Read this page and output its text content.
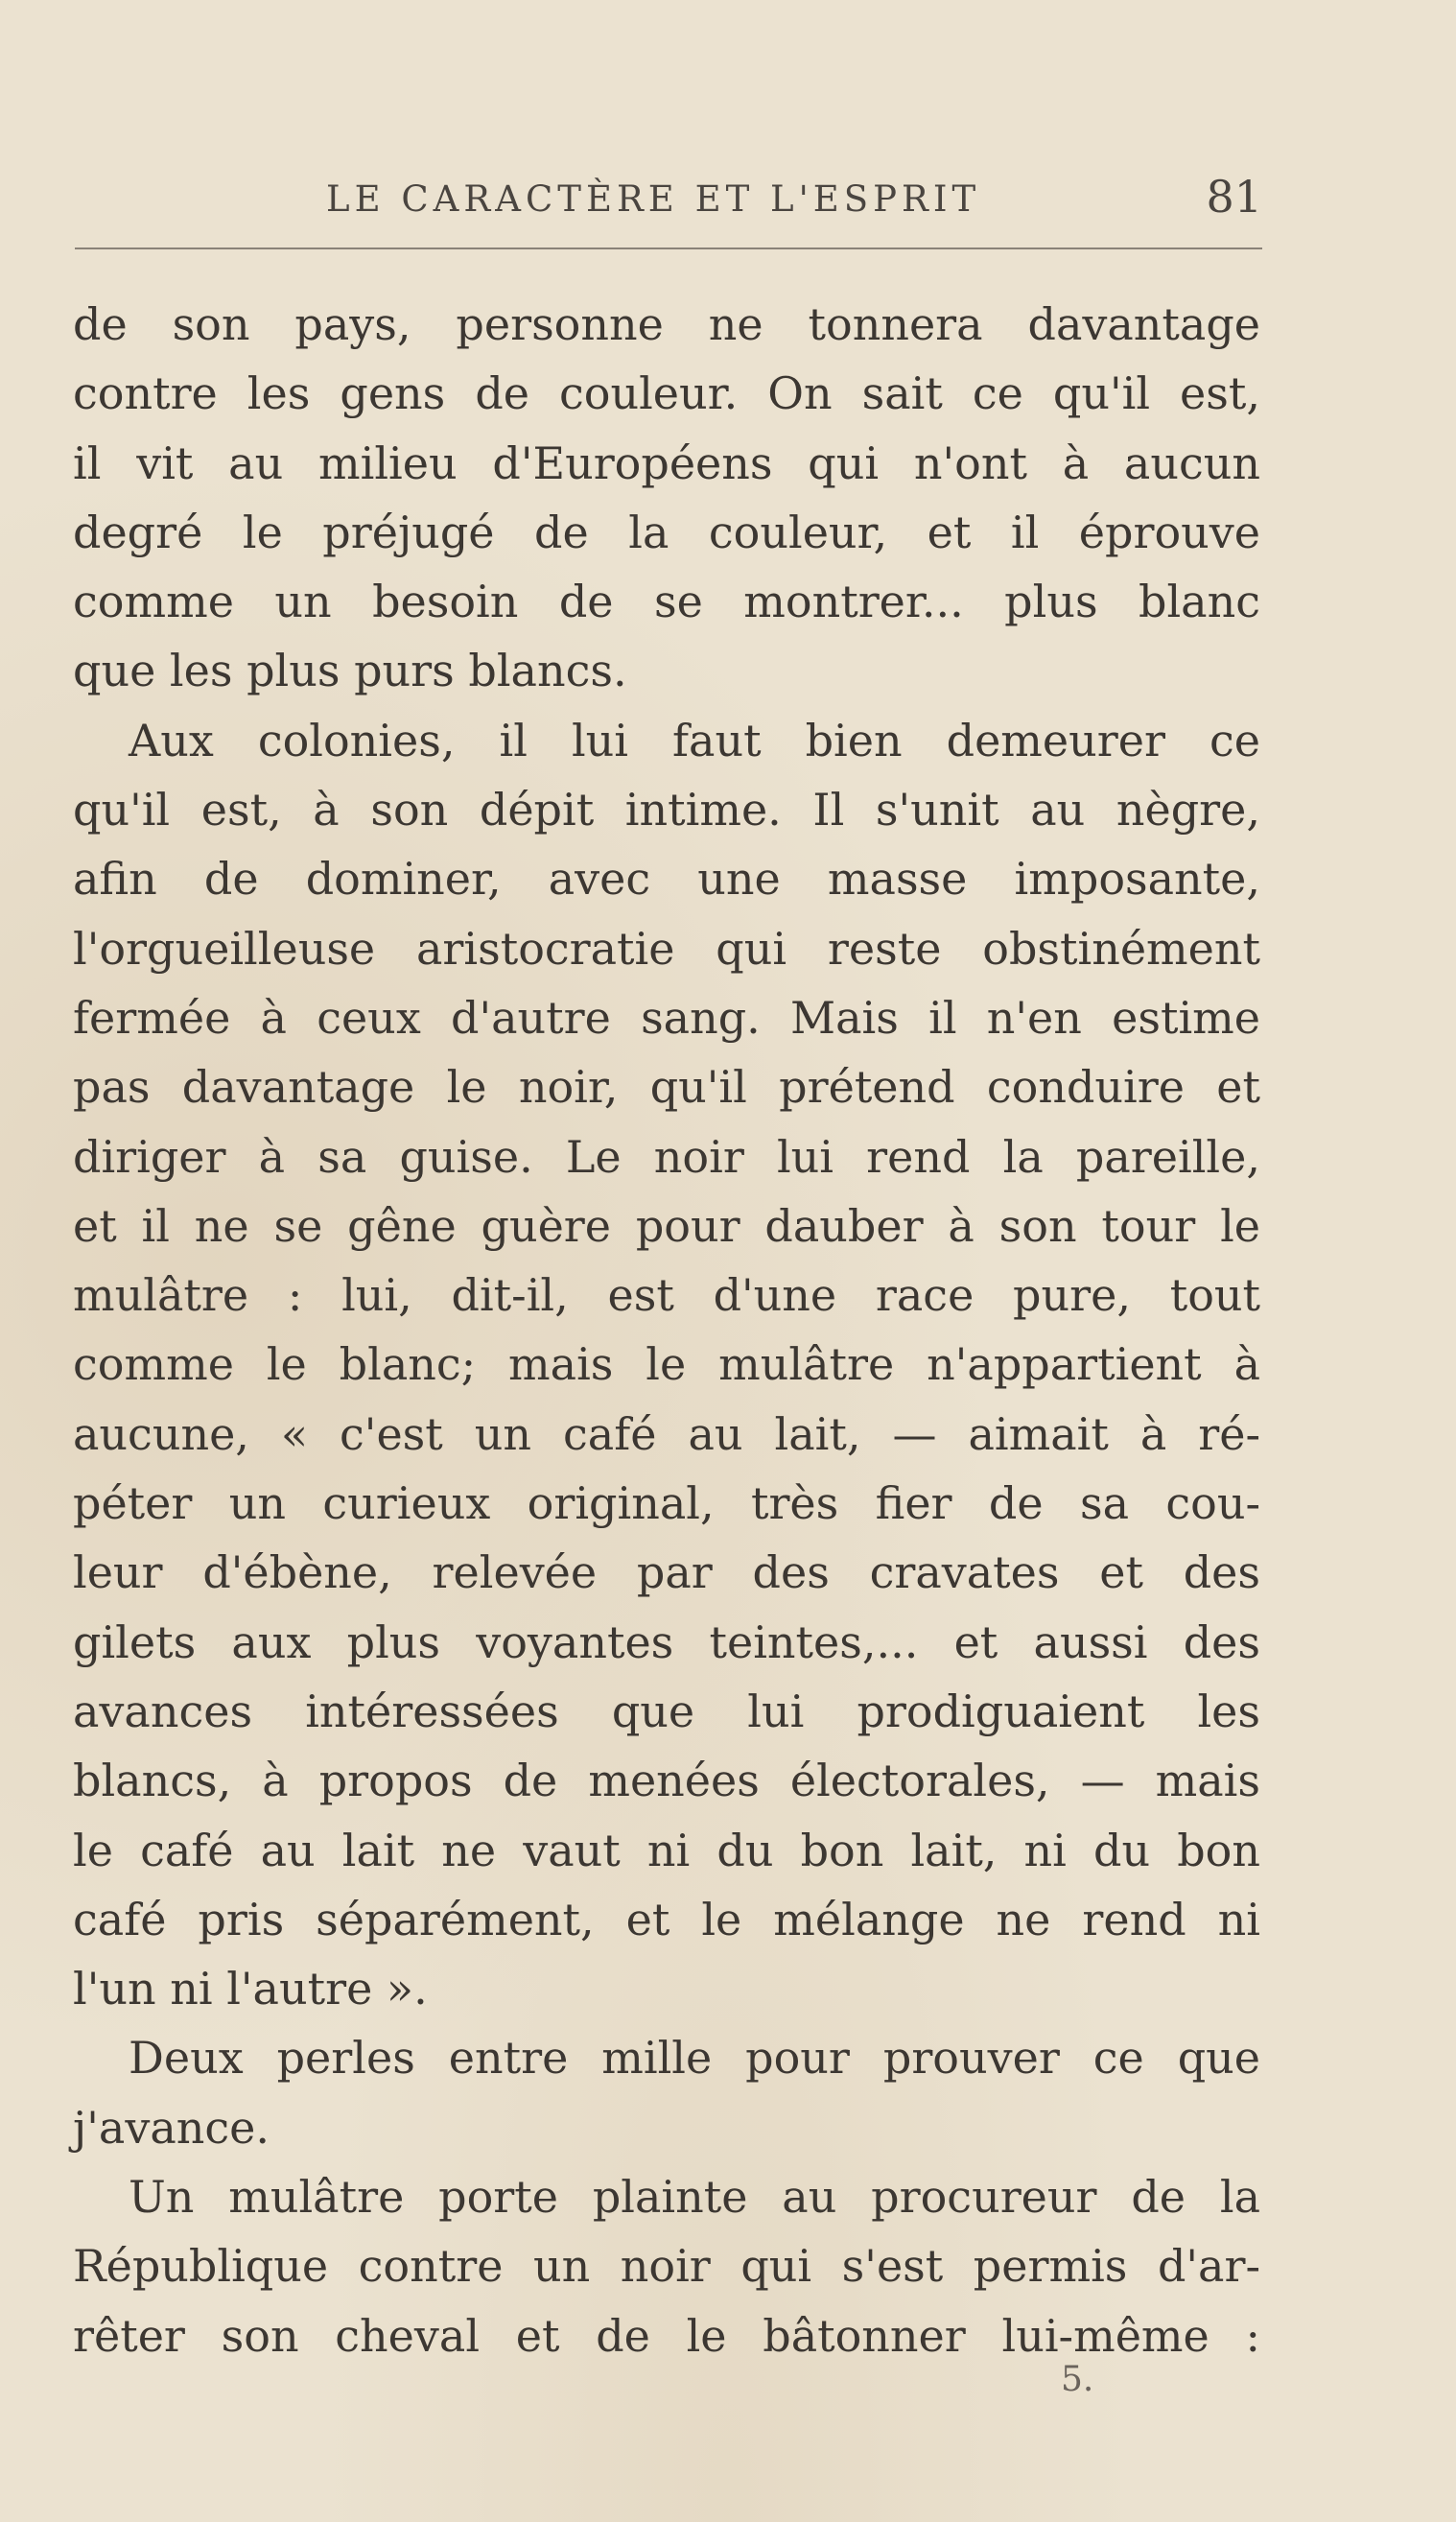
LE CARACTÈRE ET L'ESPRIT	81
de son pays, personne ne tonnera davantage
contre les gens de couleur. On sait ce qu'il est,
il vit au milieu d'Européens qui n'ont à aucun
degré le préjugé de la couleur, et il éprouve
comme un besoin de se montrer... plus blanc
que les plus purs blancs.
Aux colonies, il lui faut bien demeurer ce
qu'il est, à son dépit intime. Il s'unit au nègre,
afin de dominer, avec une masse imposante,
l'orgueilleuse aristocratie qui reste obstinément
fermée à ceux d'autre sang. Mais il n'en estime
pas davantage le noir, qu'il prétend conduire et
diriger à sa guise. Le noir lui rend la pareille,
et il ne se gêne guère pour dauber à son tour le
mulâtre : lui, dit-il, est d'une race pure, tout
comme le blanc; mais le mulâtre n'appartient à
aucune, « c'est un café au lait, — aimait à ré-
péter un curieux original, très fier de sa cou-
leur d'ébène, relevée par des cravates et des
gilets aux plus voyantes teintes,... et aussi des
avances intéressées que lui prodiguaient les
blancs, à propos de menées électorales, — mais
le café au lait ne vaut ni du bon lait, ni du bon
café pris séparément, et le mélange ne rend ni
l'un ni l'autre ».
Deux perles entre mille pour prouver ce que
j'avance.
Un mulâtre porte plainte au procureur de la
République contre un noir qui s'est permis d'ar-
rêter son cheval et de le bâtonner lui-même :
5.
